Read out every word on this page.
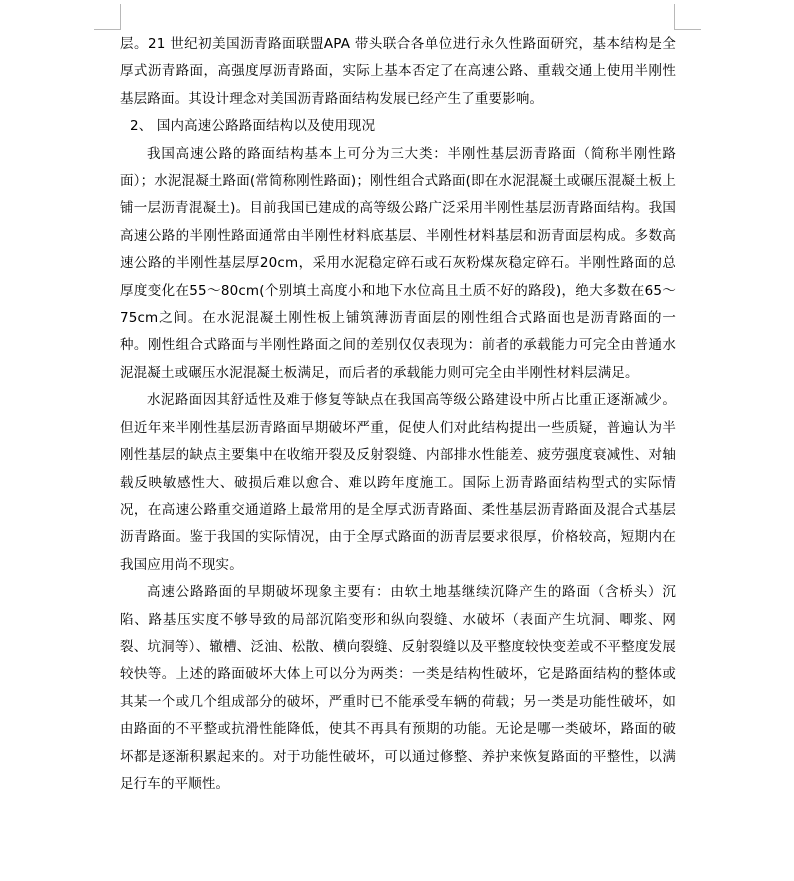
层。21 世纪初美国沥青路面联盟APA 带头联合各单位进行永久性路面研究，基本结构是全厚式沥青路面，高强度厚沥青路面，实际上基本否定了在高速公路、重载交通上使用半刚性基层路面。其设计理念对美国沥青路面结构发展已经产生了重要影响。

2、 国内高速公路路面结构以及使用现况

我国高速公路的路面结构基本上可分为三大类：半刚性基层沥青路面（简称半刚性路面）；水泥混凝土路面(常简称刚性路面)；刚性组合式路面(即在水泥混凝土或碾压混凝土板上铺一层沥青混凝土)。目前我国已建成的高等级公路广泛采用半刚性基层沥青路面结构。我国高速公路的半刚性路面通常由半刚性材料底基层、半刚性材料基层和沥青面层构成。多数高速公路的半刚性基层厚20cm，采用水泥稳定碎石或石灰粉煤灰稳定碎石。半刚性路面的总厚度变化在55～80cm(个别填土高度小和地下水位高且土质不好的路段)，绝大多数在65～75cm之间。在水泥混凝土刚性板上铺筑薄沥青面层的刚性组合式路面也是沥青路面的一种。刚性组合式路面与半刚性路面之间的差别仅仅表现为：前者的承载能力可完全由普通水泥混凝土或碾压水泥混凝土板满足，而后者的承载能力则可完全由半刚性材料层满足。

水泥路面因其舒适性及难于修复等缺点在我国高等级公路建设中所占比重正逐渐减少。但近年来半刚性基层沥青路面早期破坏严重，促使人们对此结构提出一些质疑，普遍认为半刚性基层的缺点主要集中在收缩开裂及反射裂缝、内部排水性能差、疲劳强度衰减性、对轴载反映敏感性大、破损后难以愈合、难以跨年度施工。国际上沥青路面结构型式的实际情况，在高速公路重交通道路上最常用的是全厚式沥青路面、柔性基层沥青路面及混合式基层沥青路面。鉴于我国的实际情况，由于全厚式路面的沥青层要求很厚，价格较高，短期内在我国应用尚不现实。

高速公路路面的早期破坏现象主要有：由软土地基继续沉降产生的路面（含桥头）沉陷、路基压实度不够导致的局部沉陷变形和纵向裂缝、水破坏（表面产生坑洞、唧浆、网裂、坑洞等）、辙槽、泛油、松散、横向裂缝、反射裂缝以及平整度较快变差或不平整度发展较快等。上述的路面破坏大体上可以分为两类：一类是结构性破坏，它是路面结构的整体或其某一个或几个组成部分的破坏，严重时已不能承受车辆的荷载；另一类是功能性破坏，如由路面的不平整或抗滑性能降低，使其不再具有预期的功能。无论是哪一类破坏，路面的破坏都是逐渐积累起来的。对于功能性破坏，可以通过修整、养护来恢复路面的平整性，以满足行车的平顺性。
